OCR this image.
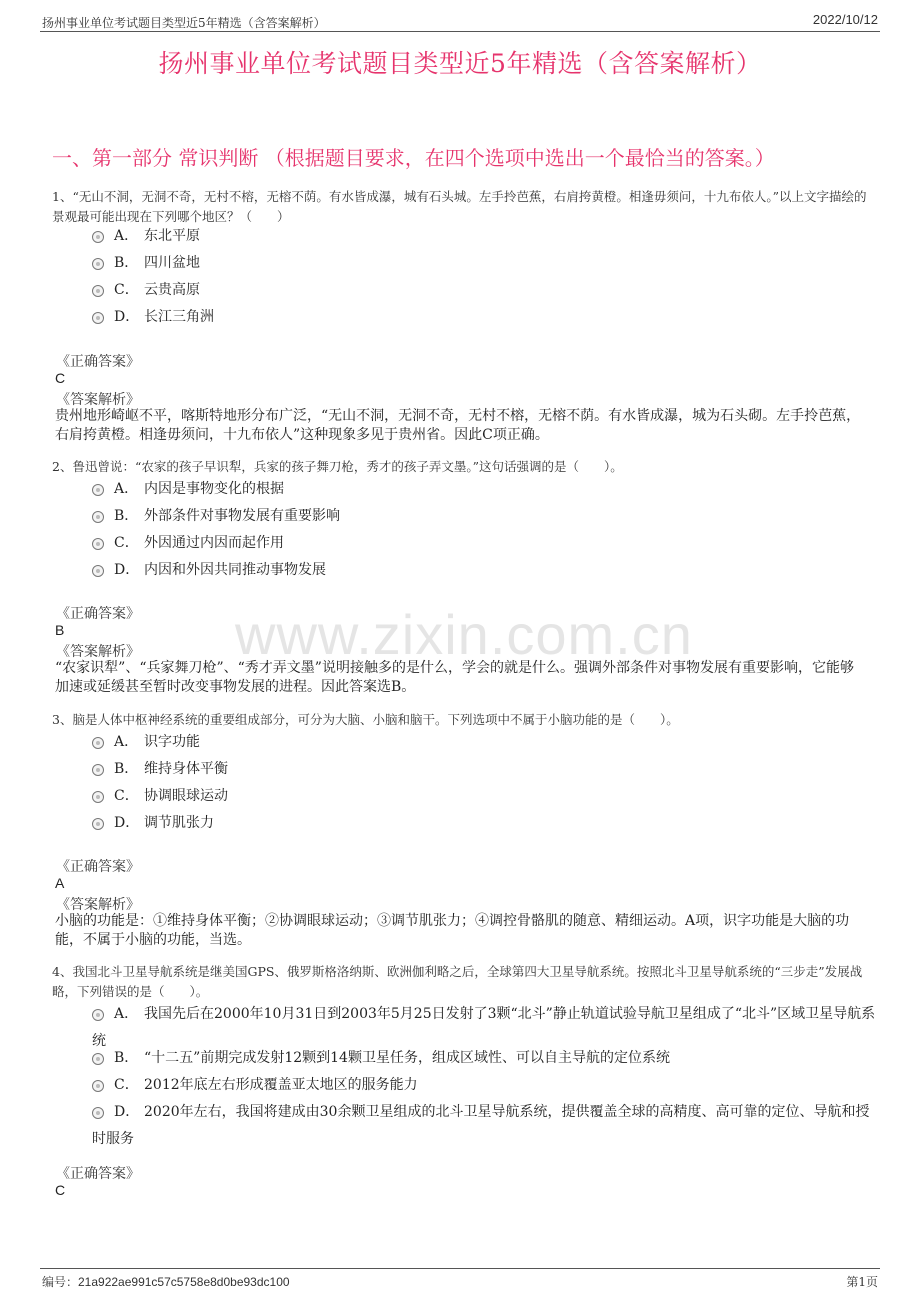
扬州事业单位考试题目类型近5年精选（含答案解析）	2022/10/12
扬州事业单位考试题目类型近5年精选（含答案解析）
一、第一部分 常识判断 （根据题目要求，在四个选项中选出一个最恰当的答案。）
www.zixin.com.cn
1、“无山不洞，无洞不奇，无村不榕，无榕不荫。有水皆成瀑，城有石头城。左手拎芭蕉，右肩挎黄橙。相逢毋须问，十九布依人。”以上文字描绘的景观最可能出现在下列哪个地区？（　　）
A． 东北平原
B． 四川盆地
C． 云贵高原
D． 长江三角洲
《正确答案》
C
《答案解析》
贵州地形崎岖不平，喀斯特地形分布广泛，“无山不洞，无洞不奇，无村不榕，无榕不荫。有水皆成瀑，城为石头砌。左手拎芭蕉，右肩挎黄橙。相逢毋须问，十九布依人”这种现象多见于贵州省。因此C项正确。
2、鲁迅曾说：“农家的孩子早识犁，兵家的孩子舞刀枪，秀才的孩子弄文墨。”这句话强调的是（　　）。
A． 内因是事物变化的根据
B． 外部条件对事物发展有重要影响
C． 外因通过内因而起作用
D． 内因和外因共同推动事物发展
《正确答案》
B
《答案解析》
“农家识犁”、“兵家舞刀枪”、“秀才弄文墨”说明接触多的是什么，学会的就是什么。强调外部条件对事物发展有重要影响，它能够加速或延缓甚至暂时改变事物发展的进程。因此答案选B。
3、脑是人体中枢神经系统的重要组成部分，可分为大脑、小脑和脑干。下列选项中不属于小脑功能的是（　　）。
A． 识字功能
B． 维持身体平衡
C． 协调眼球运动
D． 调节肌张力
《正确答案》
A
《答案解析》
小脑的功能是：①维持身体平衡；②协调眼球运动；③调节肌张力；④调控骨骼肌的随意、精细运动。A项，识字功能是大脑的功能，不属于小脑的功能，当选。
4、我国北斗卫星导航系统是继美国GPS、俄罗斯格洛纳斯、欧洲伽利略之后，全球第四大卫星导航系统。按照北斗卫星导航系统的“三步走”发展战略，下列错误的是（　　）。
A． 我国先后在2000年10月31日到2003年5月25日发射了3颗“北斗”静止轨道试验导航卫星组成了“北斗”区域卫星导航系统
B． “十二五”前期完成发射12颗到14颗卫星任务，组成区域性、可以自主导航的定位系统
C． 2012年底左右形成覆盖亚太地区的服务能力
D． 2020年左右，我国将建成由30余颗卫星组成的北斗卫星导航系统，提供覆盖全球的高精度、高可靠的定位、导航和授时服务
《正确答案》
C
编号：21a922ae991c57c5758e8d0be93dc100	第1页
